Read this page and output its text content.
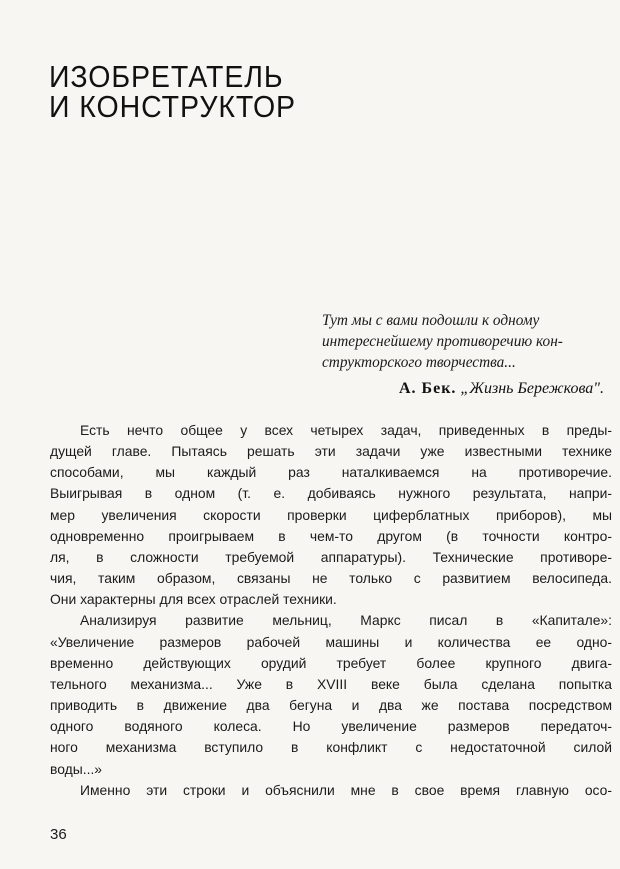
ИЗОБРЕТАТЕЛЬ
И КОНСТРУКТОР
Тут мы с вами подошли к одному
интереснейшему противоречию кон-
структорского творчества...
А. Бек. „Жизнь Бережкова".
Есть нечто общее у всех четырех задач, приведенных в преды-
дущей главе. Пытаясь решать эти задачи уже известными технике
способами, мы каждый раз наталкиваемся на противоречие.
Выигрывая в одном (т. е. добиваясь нужного результата, напри-
мер увеличения скорости проверки циферблатных приборов), мы
одновременно проигрываем в чем-то другом (в точности контро-
ля, в сложности требуемой аппаратуры). Технические противоре-
чия, таким образом, связаны не только с развитием велосипеда.
Они характерны для всех отраслей техники.
Анализируя развитие мельниц, Маркс писал в «Капитале»:
«Увеличение размеров рабочей машины и количества ее одно-
временно действующих орудий требует более крупного двига-
тельного механизма... Уже в XVIII веке была сделана попытка
приводить в движение два бегуна и два же постава посредством
одного водяного колеса. Но увеличение размеров передаточ-
ного механизма вступило в конфликт с недостаточной силой
воды...»
Именно эти строки и объяснили мне в свое время главную осо-
36
